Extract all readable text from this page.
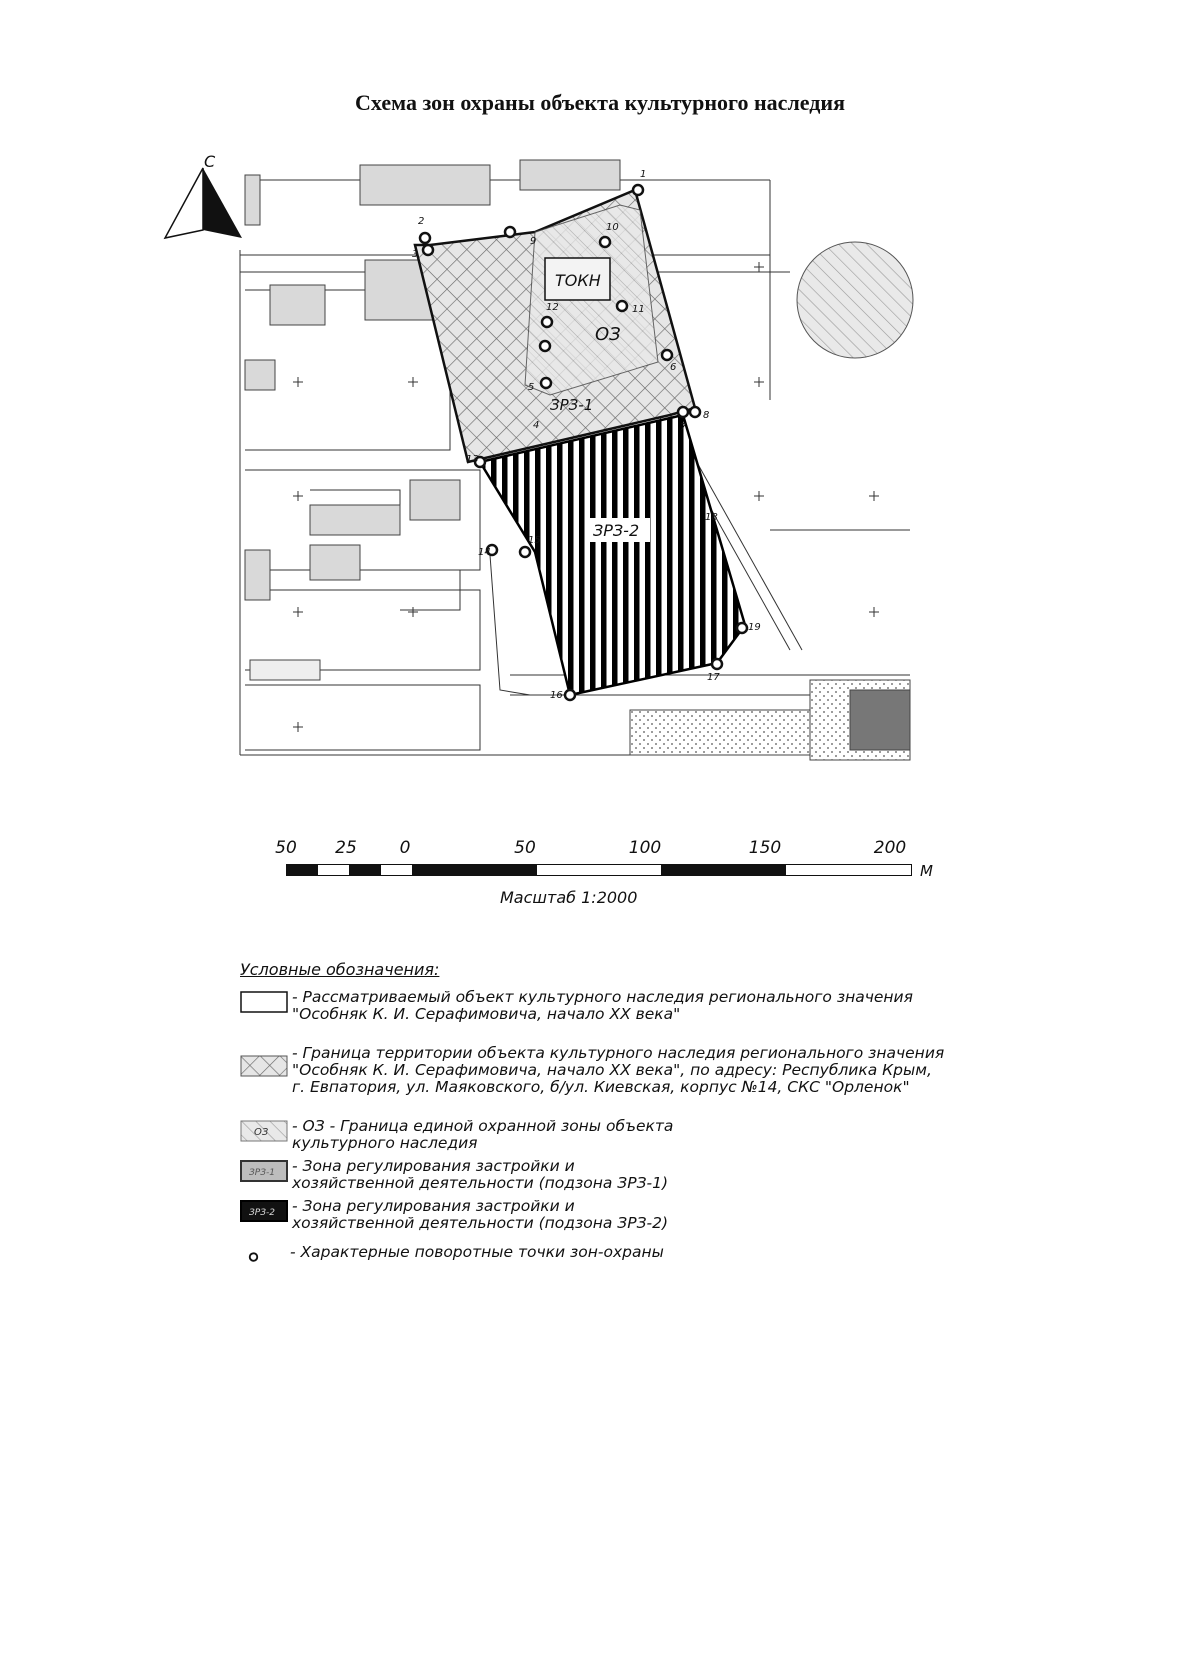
Схема зон охраны объекта культурного наследия
С
ТОКН
ОЗ
ЗРЗ-1
ЗРЗ-2
1
2
3
4
5
6
7
8
9
10
11
12
13
14
15
16
17
18
19
50 25	0	50	100	150	200
М
Масштаб 1:2000
Условные обозначения:
- Рассматриваемый объект культурного наследия регионального значения
"Особняк К. И. Серафимовича, начало XX века"
- Граница территории объекта культурного наследия регионального значения
"Особняк К. И. Серафимовича, начало XX века", по адресу: Республика Крым,
г. Евпатория, ул. Маяковского, б/ул. Киевская, корпус №14, СКС "Орленок"
ОЗ - ОЗ - Граница единой охранной зоны объекта
культурного наследия
ЗРЗ-1 - Зона регулирования застройки и
хозяйственной деятельности (подзона ЗРЗ-1)
ЗРЗ-2 - Зона регулирования застройки и
хозяйственной деятельности (подзона ЗРЗ-2)
- Характерные поворотные точки зон-охраны
